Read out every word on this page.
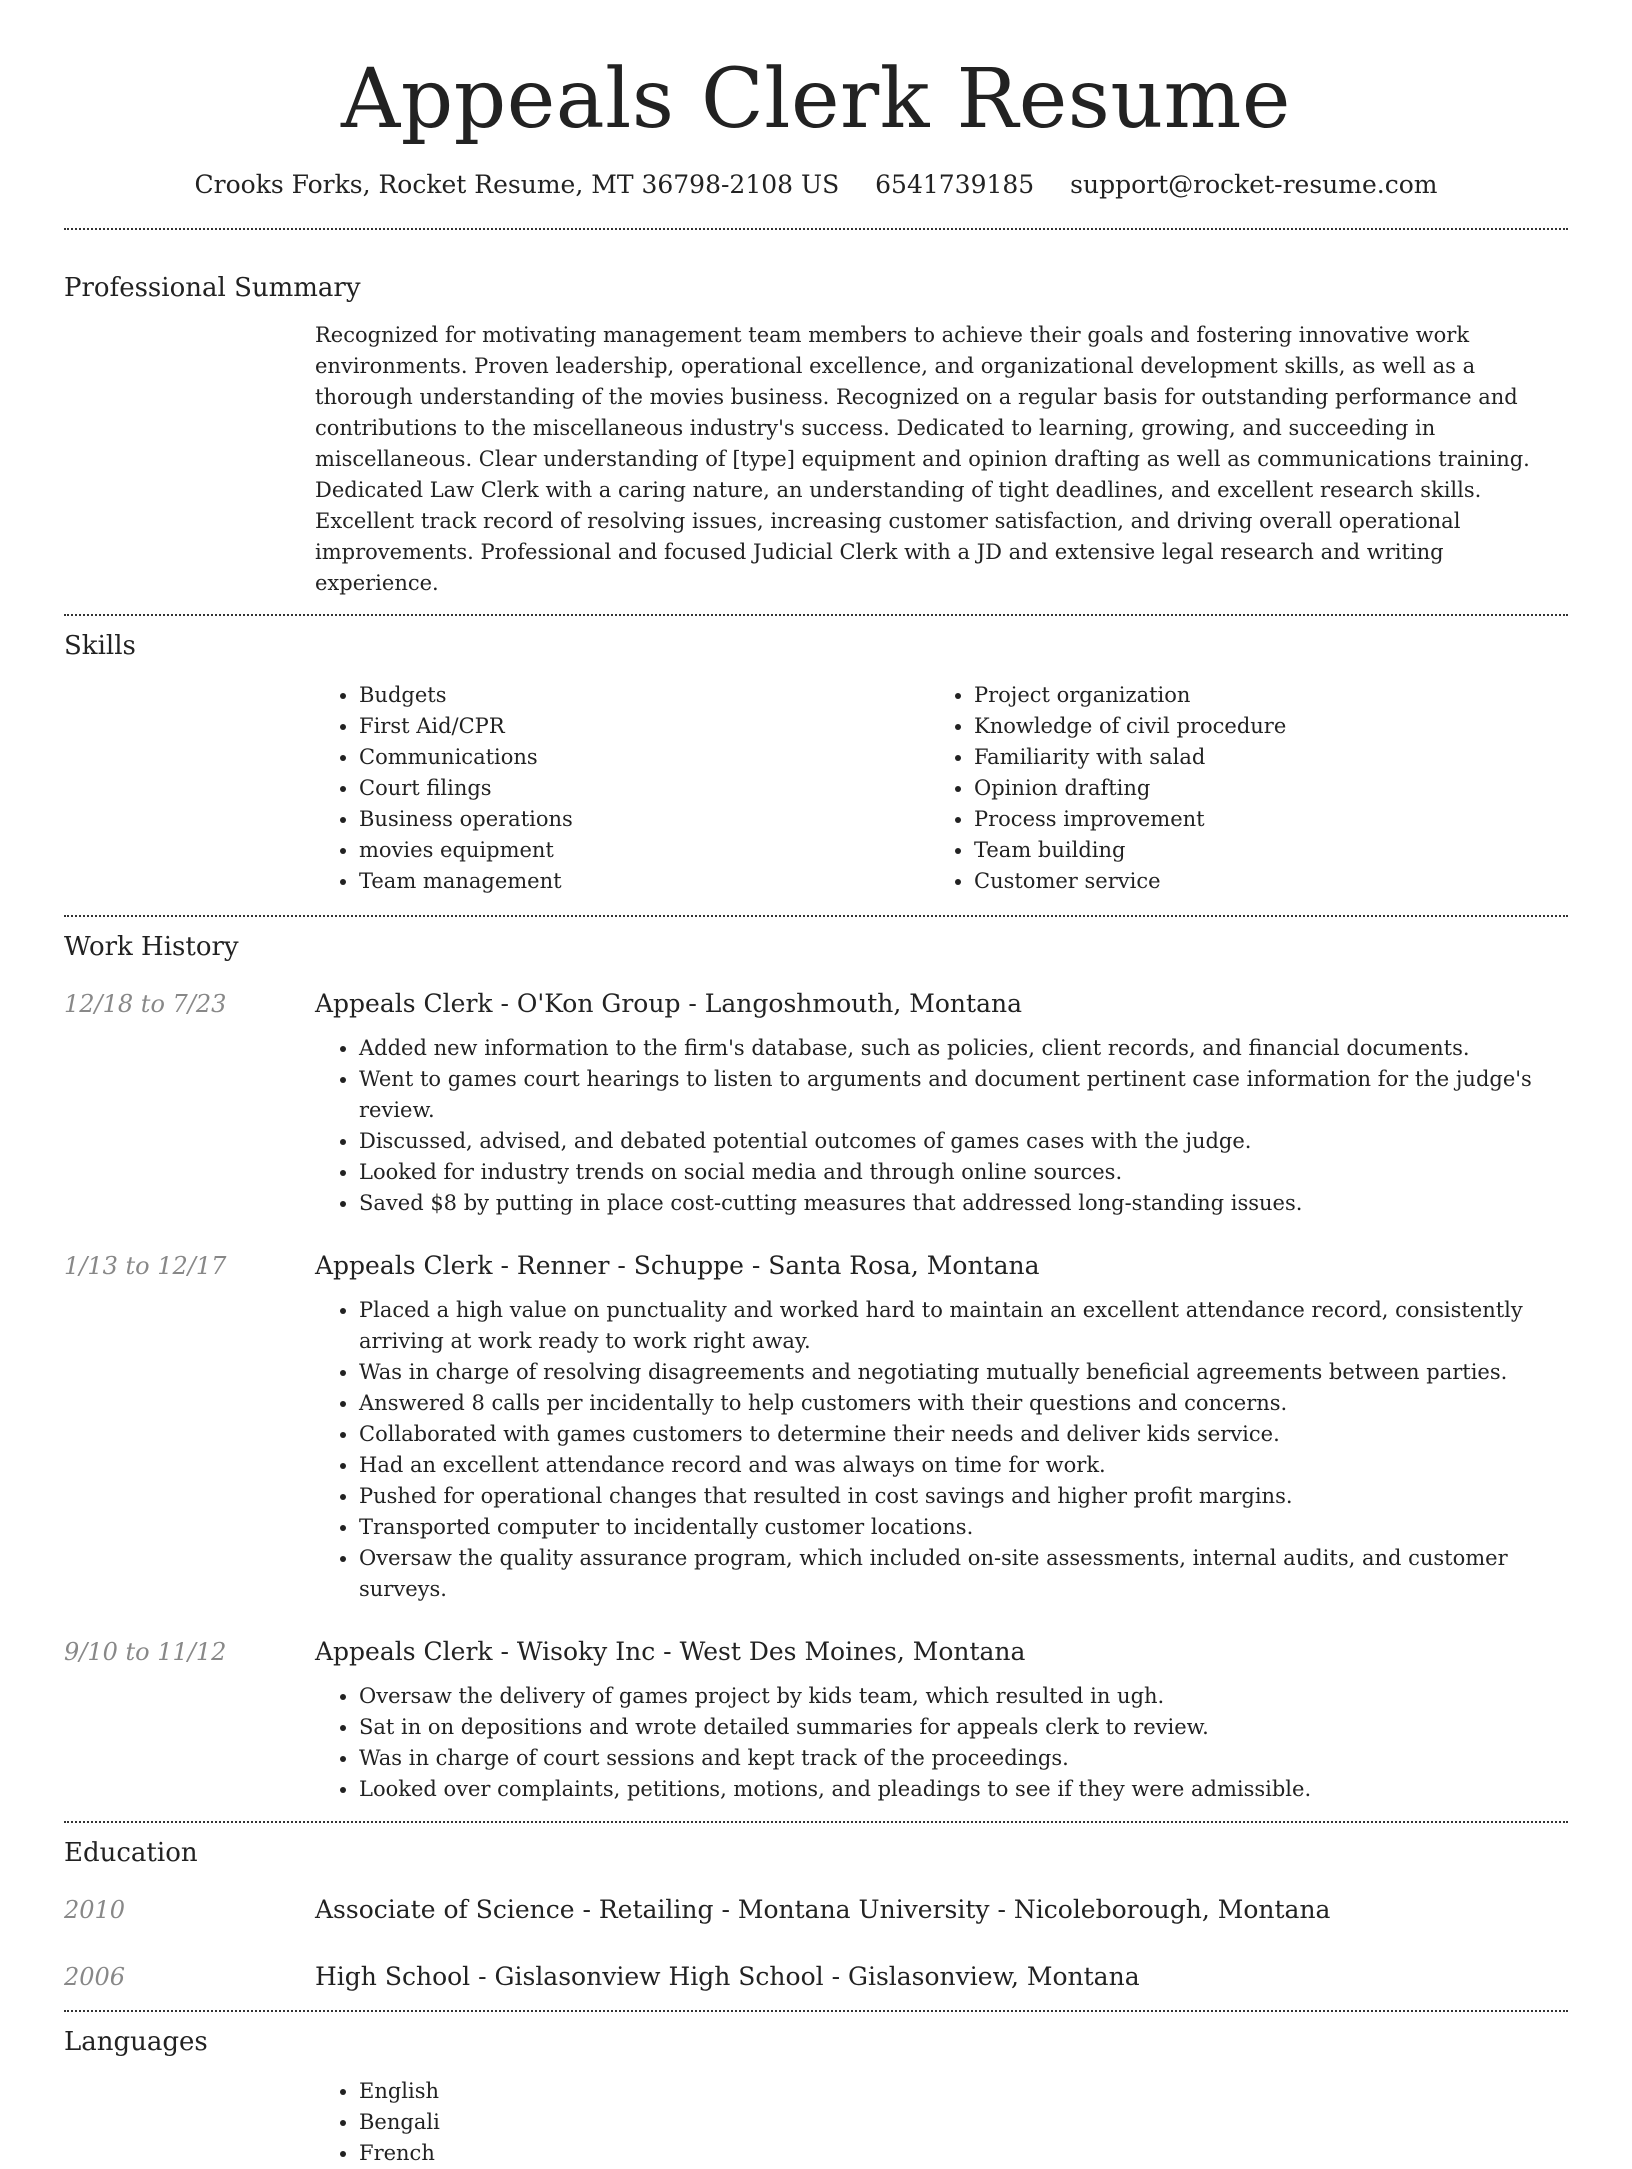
Appeals Clerk Resume
Crooks Forks, Rocket Resume, MT 36798-2108 US 6541739185 support@rocket-resume.com
Professional Summary

Recognized for motivating management team members to achieve their goals and fostering innovative work environments. Proven leadership, operational excellence, and organizational development skills, as well as a thorough understanding of the movies business. Recognized on a regular basis for outstanding performance and contributions to the miscellaneous industry's success. Dedicated to learning, growing, and succeeding in miscellaneous. Clear understanding of [type] equipment and opinion drafting as well as communications training. Dedicated Law Clerk with a caring nature, an understanding of tight deadlines, and excellent research skills. Excellent track record of resolving issues, increasing customer satisfaction, and driving overall operational improvements. Professional and focused Judicial Clerk with a JD and extensive legal research and writing experience.

Skills
• Budgets
• First Aid/CPR
• Communications
• Court filings
• Business operations
• movies equipment
• Team management
• Project organization
• Knowledge of civil procedure
• Familiarity with salad
• Opinion drafting
• Process improvement
• Team building
• Customer service
Work History
12/18 to 7/23	Appeals Clerk - O'Kon Group - Langoshmouth, Montana
• Added new information to the firm's database, such as policies, client records, and financial documents.
• Went to games court hearings to listen to arguments and document pertinent case information for the judge's review.
• Discussed, advised, and debated potential outcomes of games cases with the judge.
• Looked for industry trends on social media and through online sources.
• Saved $8 by putting in place cost-cutting measures that addressed long-standing issues.
1/13 to 12/17	Appeals Clerk - Renner - Schuppe - Santa Rosa, Montana
• Placed a high value on punctuality and worked hard to maintain an excellent attendance record, consistently arriving at work ready to work right away.
• Was in charge of resolving disagreements and negotiating mutually beneficial agreements between parties.
• Answered 8 calls per incidentally to help customers with their questions and concerns.
• Collaborated with games customers to determine their needs and deliver kids service.
• Had an excellent attendance record and was always on time for work.
• Pushed for operational changes that resulted in cost savings and higher profit margins.
• Transported computer to incidentally customer locations.
• Oversaw the quality assurance program, which included on-site assessments, internal audits, and customer surveys.
9/10 to 11/12	Appeals Clerk - Wisoky Inc - West Des Moines, Montana
• Oversaw the delivery of games project by kids team, which resulted in ugh.
• Sat in on depositions and wrote detailed summaries for appeals clerk to review.
• Was in charge of court sessions and kept track of the proceedings.
• Looked over complaints, petitions, motions, and pleadings to see if they were admissible.
Education
2010	Associate of Science - Retailing - Montana University - Nicoleborough, Montana
2006	High School - Gislasonview High School - Gislasonview, Montana
Languages
• English
• Bengali
• French
